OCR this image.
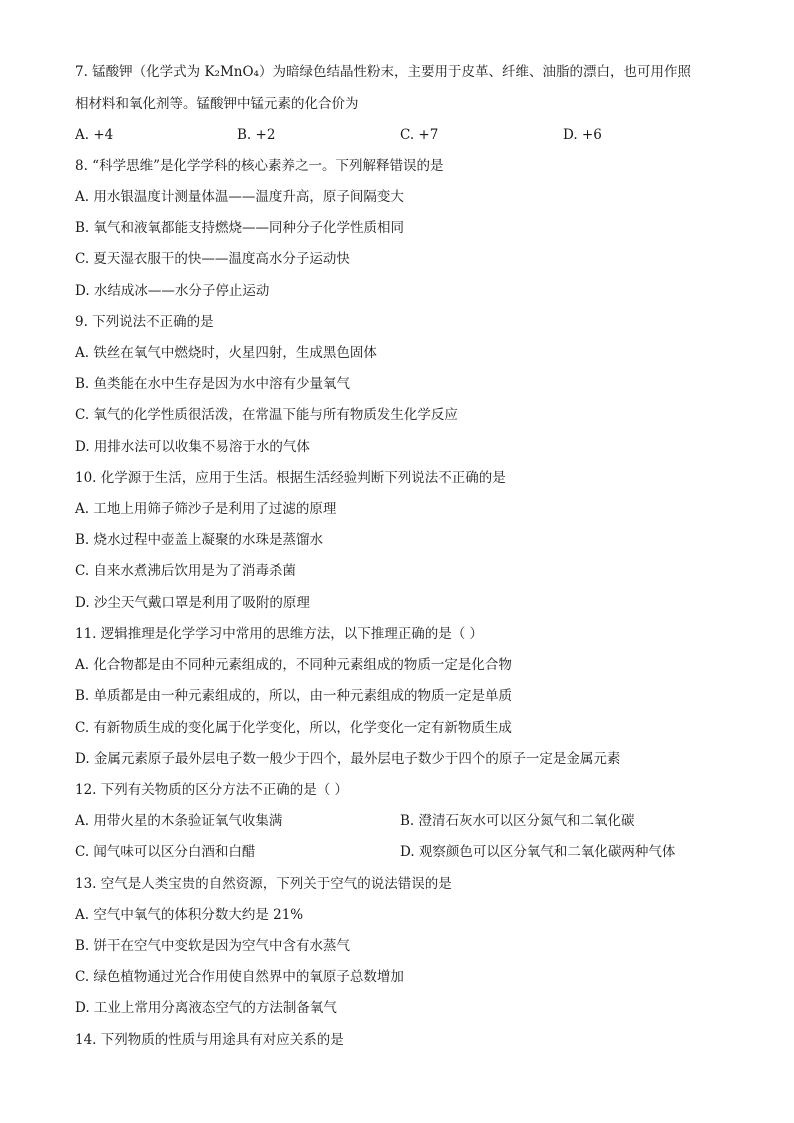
7. 锰酸钾（化学式为 K₂MnO₄）为暗绿色结晶性粉末，主要用于皮革、纤维、油脂的漂白，也可用作照
相材料和氧化剂等。锰酸钾中锰元素的化合价为
A. +4	B. +2	C. +7	D. +6
8. “科学思维”是化学学科的核心素养之一。下列解释错误的是
A. 用水银温度计测量体温——温度升高，原子间隔变大
B. 氧气和液氧都能支持燃烧——同种分子化学性质相同
C. 夏天湿衣服干的快——温度高水分子运动快
D. 水结成冰——水分子停止运动
9. 下列说法不正确的是
A. 铁丝在氧气中燃烧时，火星四射，生成黑色固体
B. 鱼类能在水中生存是因为水中溶有少量氧气
C. 氧气的化学性质很活泼，在常温下能与所有物质发生化学反应
D. 用排水法可以收集不易溶于水的气体
10. 化学源于生活，应用于生活。根据生活经验判断下列说法不正确的是
A. 工地上用筛子筛沙子是利用了过滤的原理
B. 烧水过程中壶盖上凝聚的水珠是蒸馏水
C. 自来水煮沸后饮用是为了消毒杀菌
D. 沙尘天气戴口罩是利用了吸附的原理
11. 逻辑推理是化学学习中常用的思维方法，以下推理正确的是（ ）
A. 化合物都是由不同种元素组成的，不同种元素组成的物质一定是化合物
B. 单质都是由一种元素组成的，所以，由一种元素组成的物质一定是单质
C. 有新物质生成的变化属于化学变化，所以，化学变化一定有新物质生成
D. 金属元素原子最外层电子数一般少于四个，最外层电子数少于四个的原子一定是金属元素
12. 下列有关物质的区分方法不正确的是（ ）
A. 用带火星的木条验证氧气收集满	B. 澄清石灰水可以区分氮气和二氧化碳
C. 闻气味可以区分白酒和白醋	D. 观察颜色可以区分氧气和二氧化碳两种气体
13. 空气是人类宝贵的自然资源，下列关于空气的说法错误的是
A. 空气中氧气的体积分数大约是 21%
B. 饼干在空气中变软是因为空气中含有水蒸气
C. 绿色植物通过光合作用使自然界中的氧原子总数增加
D. 工业上常用分离液态空气的方法制备氧气
14. 下列物质的性质与用途具有对应关系的是
